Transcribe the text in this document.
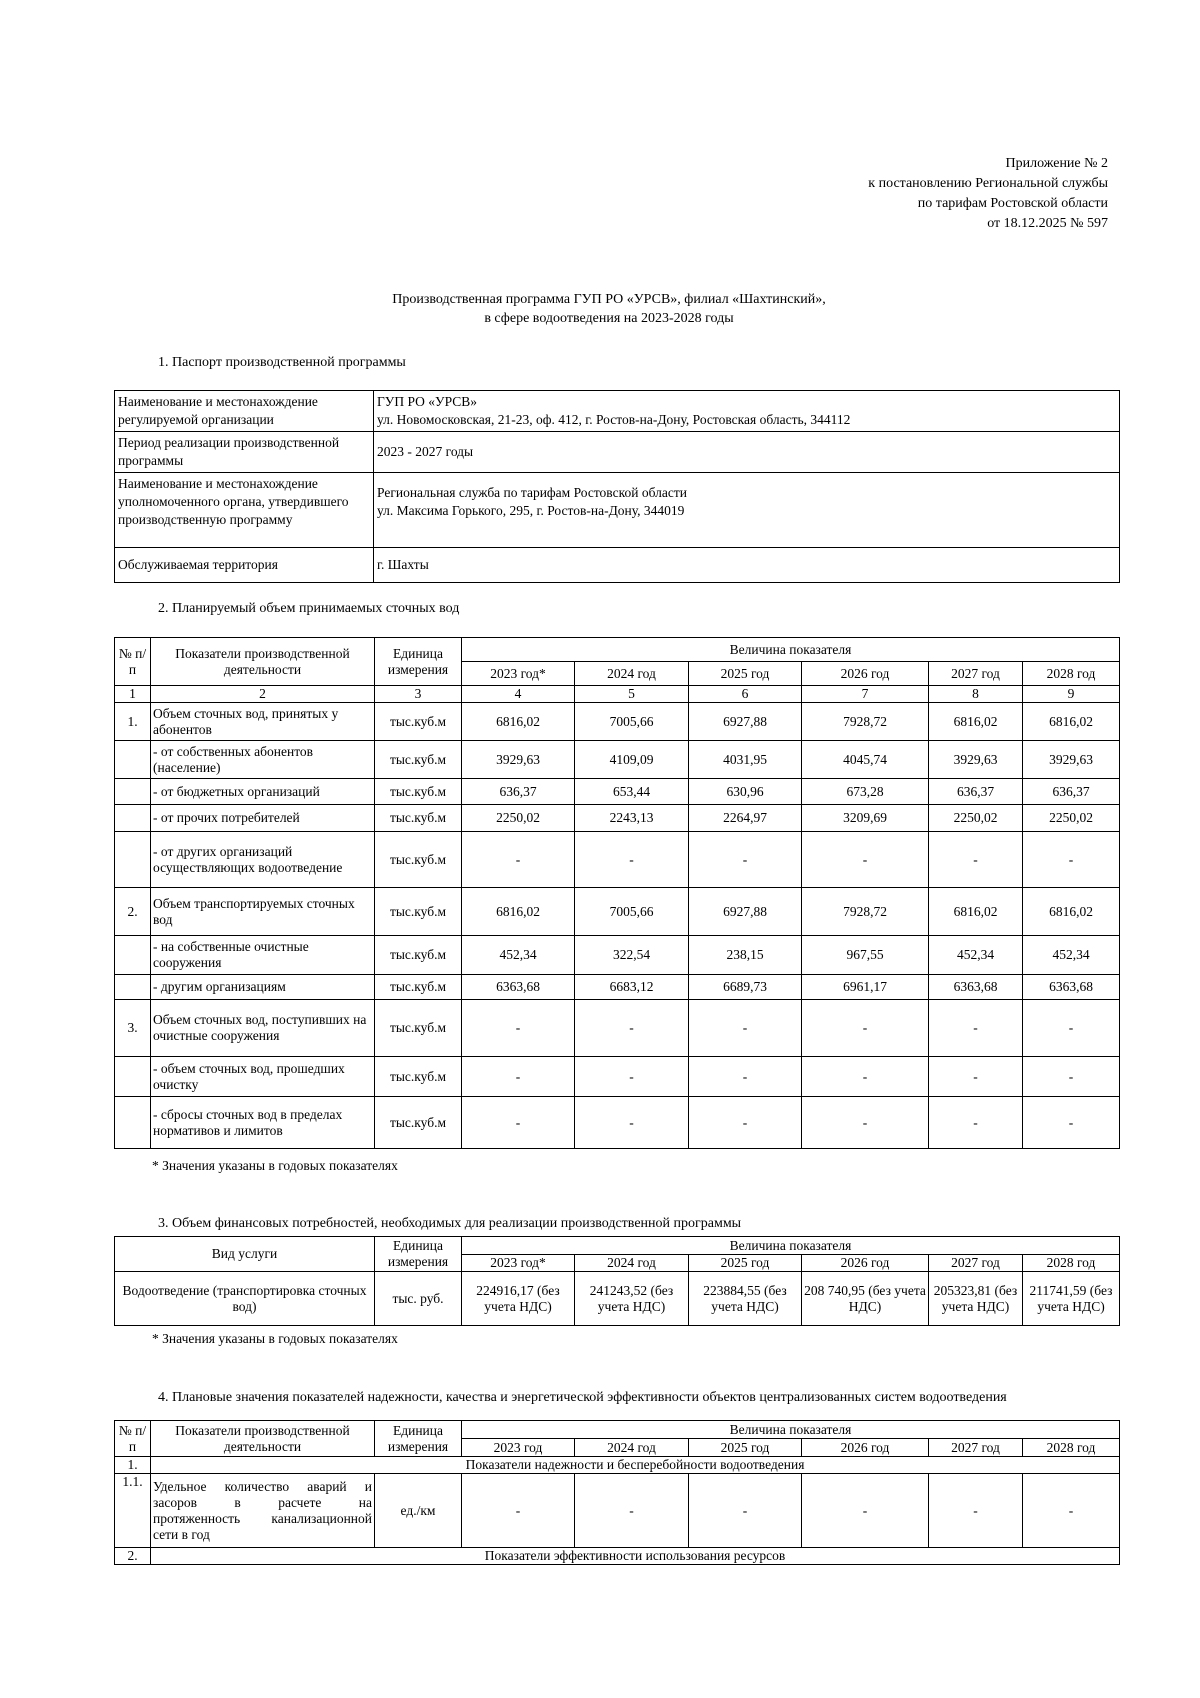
Приложение № 2
к постановлению Региональной службы
по тарифам Ростовской области
от 18.12.2025 № 597
Производственная программа ГУП РО «УРСВ», филиал «Шахтинский»,
в сфере водоотведения на 2023-2028 годы
1. Паспорт производственной программы
Наименование и местонахождение регулируемой организации	ГУП РО «УРСВ»
ул. Новомосковская, 21-23, оф. 412, г. Ростов-на-Дону, Ростовская область, 344112

Период реализации производственной программы	2023 - 2027 годы
Наименование и местонахождение уполномоченного органа, утвердившего производственную программу	Региональная служба по тарифам Ростовской области
ул. Максима Горького, 295, г. Ростов-на-Дону, 344019

Обслуживаемая территория	г. Шахты
2. Планируемый объем принимаемых сточных вод
№ п/п	Показатели производственной деятельности	Единица измерения	Величина показателя					
			2023 год*	2024 год	2025 год	2026 год	2027 год	2028 год
1	2	3	4	5	6	7	8	9
1.	Объем сточных вод, принятых у абонентов	тыс.куб.м	6816,02	7005,66	6927,88	7928,72	6816,02	6816,02
	- от собственных абонентов (население)	тыс.куб.м	3929,63	4109,09	4031,95	4045,74	3929,63	3929,63
	- от бюджетных организаций	тыс.куб.м	636,37	653,44	630,96	673,28	636,37	636,37
	- от прочих потребителей	тыс.куб.м	2250,02	2243,13	2264,97	3209,69	2250,02	2250,02
	- от других организаций осуществляющих водоотведение	тыс.куб.м	-	-	-	-	-	-
2.	Объем транспортируемых сточных вод	тыс.куб.м	6816,02	7005,66	6927,88	7928,72	6816,02	6816,02
	- на собственные очистные сооружения	тыс.куб.м	452,34	322,54	238,15	967,55	452,34	452,34
	- другим организациям	тыс.куб.м	6363,68	6683,12	6689,73	6961,17	6363,68	6363,68
3.	Объем сточных вод, поступивших на очистные сооружения	тыс.куб.м	-	-	-	-	-	-
	- объем сточных вод, прошедших очистку	тыс.куб.м	-	-	-	-	-	-
	- сбросы сточных вод в пределах нормативов и лимитов	тыс.куб.м	-	-	-	-	-	-
* Значения указаны в годовых показателях
3. Объем финансовых потребностей, необходимых для реализации производственной программы
Вид услуги	Единица измерения	Величина показателя					
		2023 год*	2024 год	2025 год	2026 год	2027 год	2028 год
Водоотведение (транспортировка сточных вод)	тыс. руб.	224916,17 (без учета НДС)	241243,52 (без учета НДС)	223884,55 (без учета НДС)	208 740,95 (без учета НДС)	205323,81 (без учета НДС)	211741,59 (без учета НДС)
* Значения указаны в годовых показателях
4. Плановые значения показателей надежности, качества и энергетической эффективности объектов централизованных систем водоотведения
№ п/п	Показатели производственной деятельности	Единица измерения	Величина показателя					
			2023 год	2024 год	2025 год	2026 год	2027 год	2028 год
1.	Показатели надежности и бесперебойности водоотведения							
1.1.	Удельное количество аварий и
засоров в расчете на
протяженность канализационной
сети в год	ед./км	-	-	-	-	-	-
2.	Показатели эффективности использования ресурсов							
